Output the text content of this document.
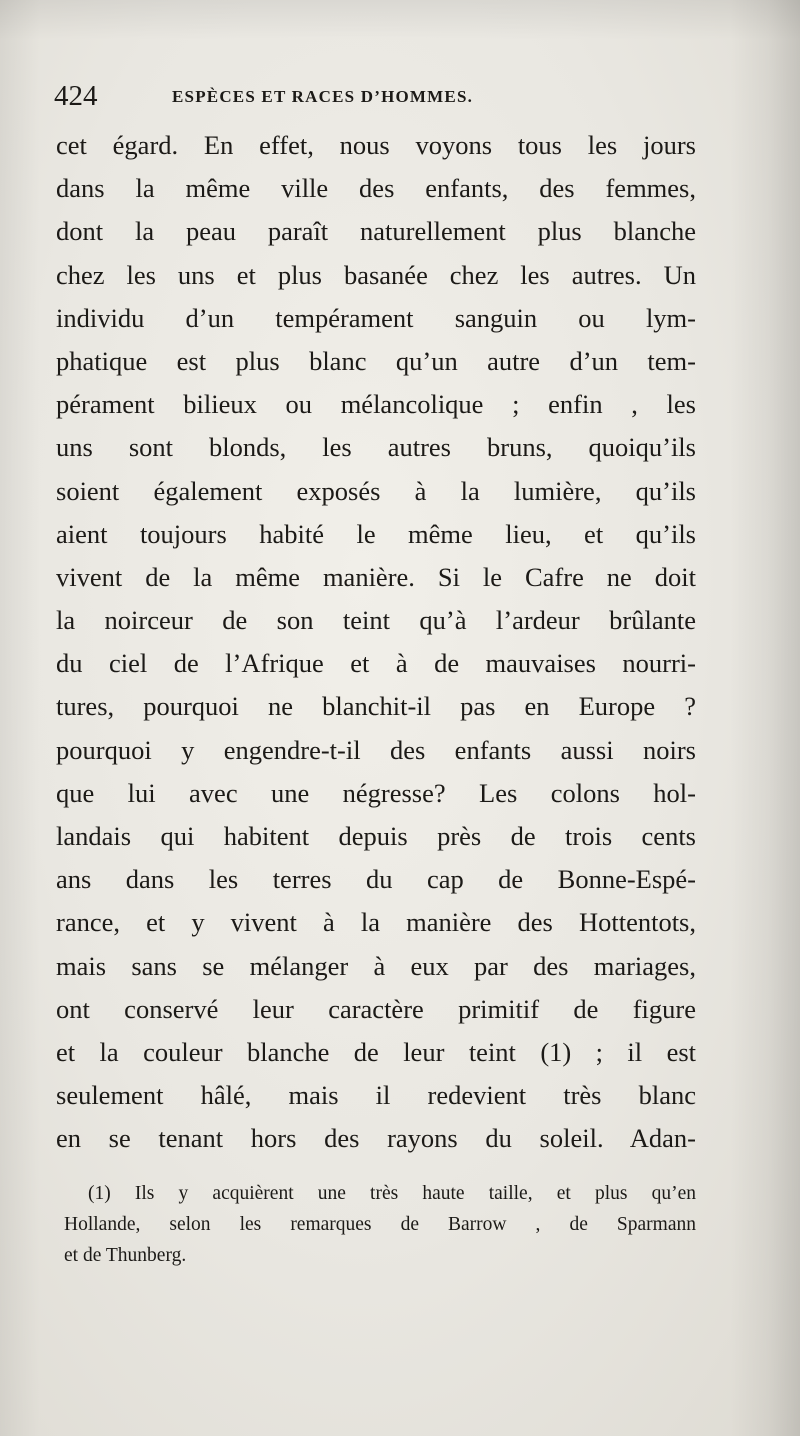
424	ESPÈCES ET RACES D’HOMMES.
cet égard. En effet, nous voyons tous les jours
dans la même ville des enfants, des femmes,
dont la peau paraît naturellement plus blanche
chez les uns et plus basanée chez les autres. Un
individu d’un tempérament sanguin ou lym-
phatique est plus blanc qu’un autre d’un tem-
pérament bilieux ou mélancolique ; enfin , les
uns sont blonds, les autres bruns, quoiqu’ils
soient également exposés à la lumière, qu’ils
aient toujours habité le même lieu, et qu’ils
vivent de la même manière. Si le Cafre ne doit
la noirceur de son teint qu’à l’ardeur brûlante
du ciel de l’Afrique et à de mauvaises nourri-
tures, pourquoi ne blanchit-il pas en Europe ?
pourquoi y engendre-t-il des enfants aussi noirs
que lui avec une négresse? Les colons hol-
landais qui habitent depuis près de trois cents
ans dans les terres du cap de Bonne-Espé-
rance, et y vivent à la manière des Hottentots,
mais sans se mélanger à eux par des mariages,
ont conservé leur caractère primitif de figure
et la couleur blanche de leur teint (1) ; il est
seulement hâlé, mais il redevient très blanc
en se tenant hors des rayons du soleil. Adan-
(1) Ils y acquièrent une très haute taille, et plus qu’en
Hollande, selon les remarques de Barrow , de Sparmann
et de Thunberg.
